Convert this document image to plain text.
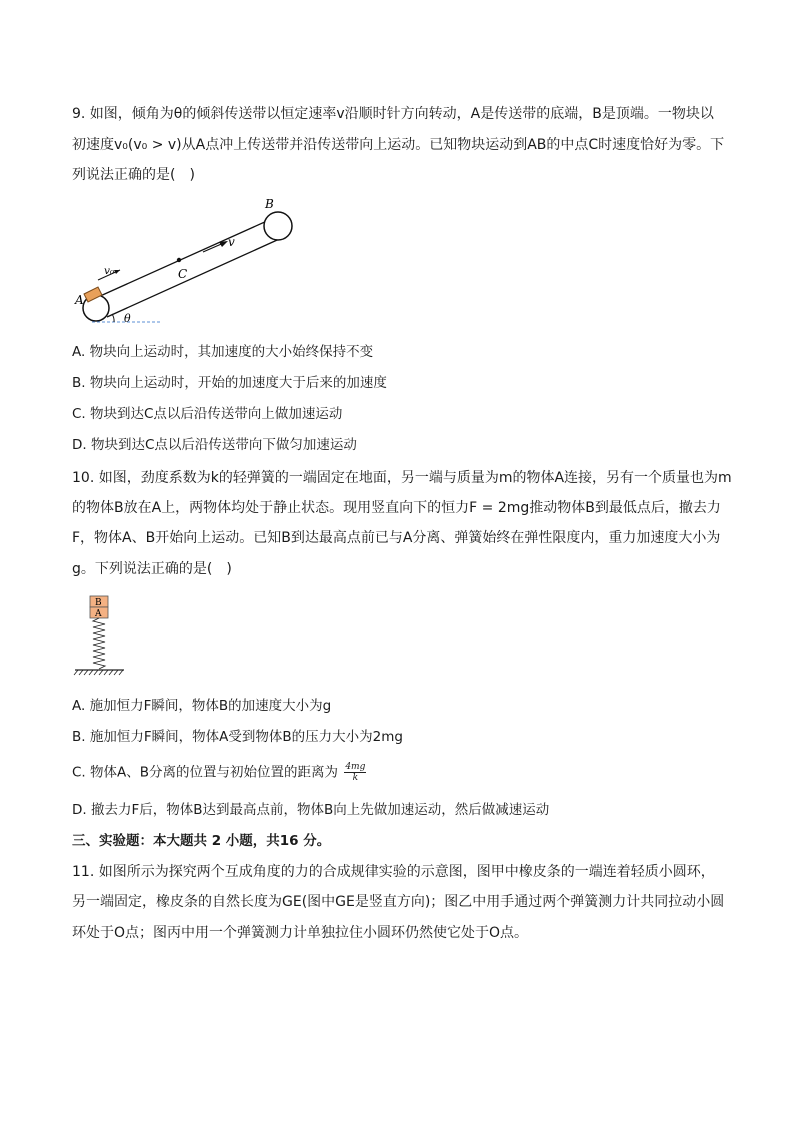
9. 如图，倾角为θ的倾斜传送带以恒定速率v沿顺时针方向转动，A是传送带的底端，B是顶端。一物块以
初速度v₀(v₀ > v)从A点冲上传送带并沿传送带向上运动。已知物块运动到AB的中点C时速度恰好为零。下
列说法正确的是(　)
B
C
A
v
v₀
θ
A. 物块向上运动时，其加速度的大小始终保持不变
B. 物块向上运动时，开始的加速度大于后来的加速度
C. 物块到达C点以后沿传送带向上做加速运动
D. 物块到达C点以后沿传送带向下做匀加速运动
10. 如图，劲度系数为k的轻弹簧的一端固定在地面，另一端与质量为m的物体A连接，另有一个质量也为m
的物体B放在A上，两物体均处于静止状态。现用竖直向下的恒力F = 2mg推动物体B到最低点后，撤去力
F，物体A、B开始向上运动。已知B到达最高点前已与A分离、弹簧始终在弹性限度内，重力加速度大小为
g。下列说法正确的是(　)
B
A
A. 施加恒力F瞬间，物体B的加速度大小为g
B. 施加恒力F瞬间，物体A受到物体B的压力大小为2mg
C. 物体A、B分离的位置与初始位置的距离为 $\frac{4mg}{k}$
D. 撤去力F后，物体B达到最高点前，物体B向上先做加速运动，然后做减速运动
三、实验题：本大题共 2 小题，共16 分。
11. 如图所示为探究两个互成角度的力的合成规律实验的示意图，图甲中橡皮条的一端连着轻质小圆环，
另一端固定，橡皮条的自然长度为GE(图中GE是竖直方向)；图乙中用手通过两个弹簧测力计共同拉动小圆
环处于O点；图丙中用一个弹簧测力计单独拉住小圆环仍然使它处于O点。
